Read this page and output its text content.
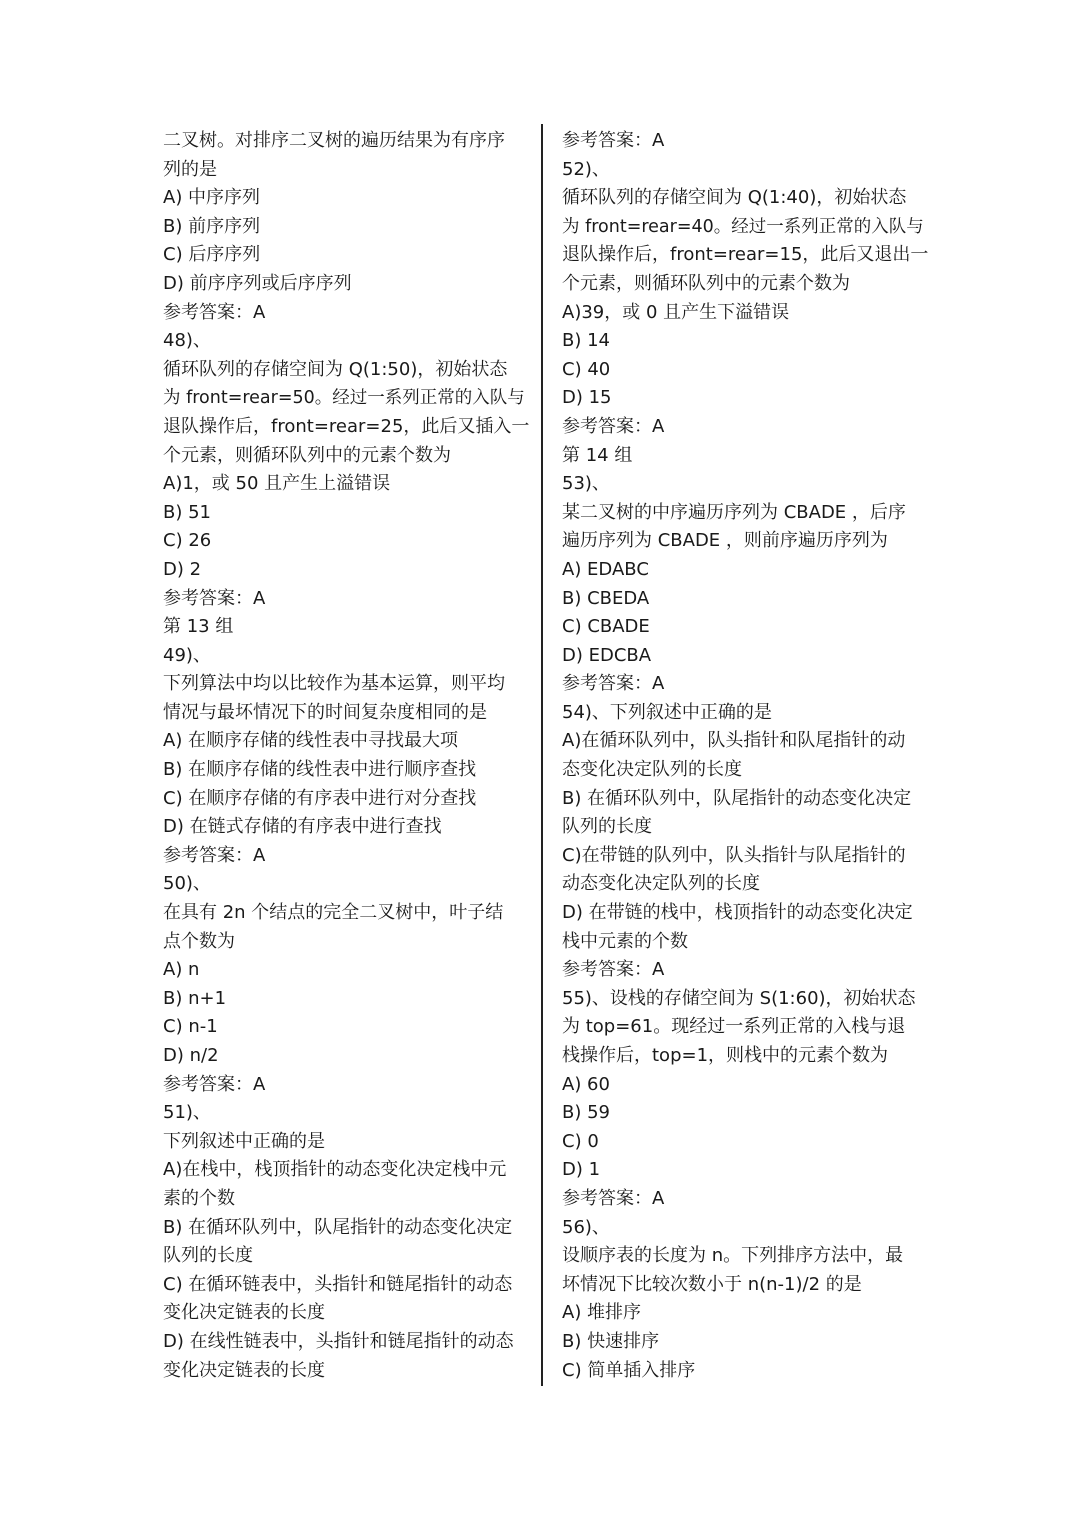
二叉树。对排序二叉树的遍历结果为有序序
列的是
A) 中序序列
B) 前序序列
C) 后序序列
D) 前序序列或后序序列
参考答案：A
48)、
循环队列的存储空间为 Q(1:50)，初始状态
为 front=rear=50。经过一系列正常的入队与
退队操作后，front=rear=25，此后又插入一
个元素，则循环队列中的元素个数为
A)1，或 50 且产生上溢错误
B) 51
C) 26
D) 2
参考答案：A
第 13 组
49)、
下列算法中均以比较作为基本运算，则平均
情况与最坏情况下的时间复杂度相同的是
A) 在顺序存储的线性表中寻找最大项
B) 在顺序存储的线性表中进行顺序查找
C) 在顺序存储的有序表中进行对分查找
D) 在链式存储的有序表中进行查找
参考答案：A
50)、
在具有 2n 个结点的完全二叉树中，叶子结
点个数为
A) n
B) n+1
C) n-1
D) n/2
参考答案：A
51)、
下列叙述中正确的是
A)在栈中，栈顶指针的动态变化决定栈中元
素的个数
B) 在循环队列中，队尾指针的动态变化决定
队列的长度
C) 在循环链表中，头指针和链尾指针的动态
变化决定链表的长度
D) 在线性链表中，头指针和链尾指针的动态
变化决定链表的长度
参考答案：A
52)、
循环队列的存储空间为 Q(1:40)，初始状态
为 front=rear=40。经过一系列正常的入队与
退队操作后，front=rear=15，此后又退出一
个元素，则循环队列中的元素个数为
A)39，或 0 且产生下溢错误
B) 14
C) 40
D) 15
参考答案：A
第 14 组
53)、
某二叉树的中序遍历序列为 CBADE ，后序
遍历序列为 CBADE ，则前序遍历序列为
A) EDABC
B) CBEDA
C) CBADE
D) EDCBA
参考答案：A
54)、下列叙述中正确的是
A)在循环队列中，队头指针和队尾指针的动
态变化决定队列的长度
B) 在循环队列中，队尾指针的动态变化决定
队列的长度
C)在带链的队列中，队头指针与队尾指针的
动态变化决定队列的长度
D) 在带链的栈中，栈顶指针的动态变化决定
栈中元素的个数
参考答案：A
55)、设栈的存储空间为 S(1:60)，初始状态
为 top=61。现经过一系列正常的入栈与退
栈操作后，top=1，则栈中的元素个数为
A) 60
B) 59
C) 0
D) 1
参考答案：A
56)、
设顺序表的长度为 n。下列排序方法中，最
坏情况下比较次数小于 n(n-1)/2 的是
A) 堆排序
B) 快速排序
C) 简单插入排序
